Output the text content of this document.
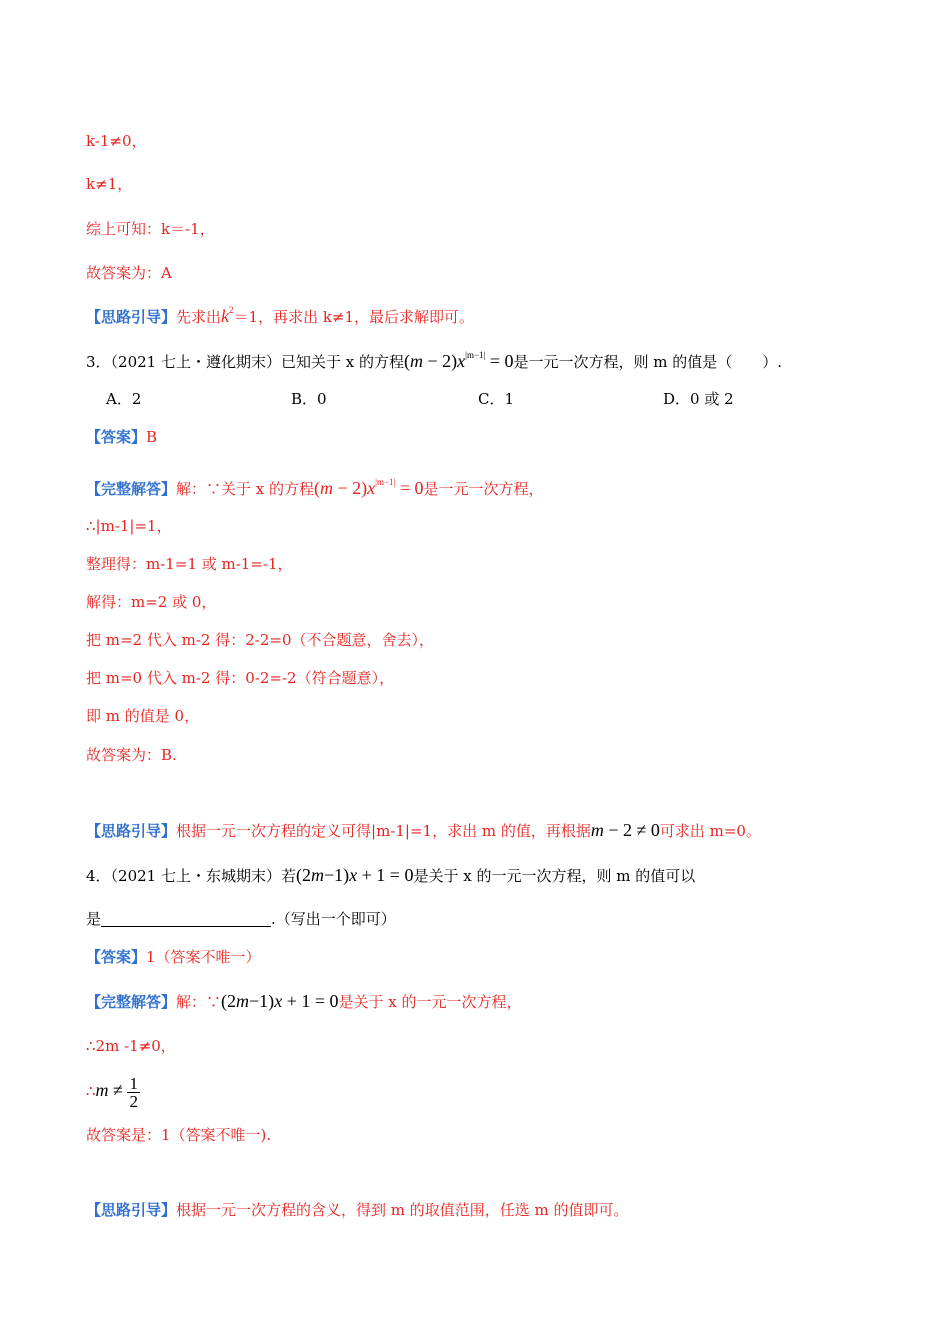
k-1≠0，
k≠1，
综上可知：k＝-1，
故答案为：A
【思路引导】先求出$k^2=1$，再求出 k≠1，最后求解即可。
3．（2021 七上・遵化期末）已知关于 x 的方程$(m - 2)x^{|m-1|} = 0$是一元一次方程，则 m 的值是（　　）.
A．2	B．0	C．1	D．0 或 2
【答案】B
【完整解答】解：∵关于 x 的方程$(m - 2)x^{|m-1|} = 0$是一元一次方程，
∴|m-1|=1，
整理得：m-1=1 或 m-1=-1，
解得：m=2 或 0，
把 m=2 代入 m-2 得：2-2=0（不合题意，舍去），
把 m=0 代入 m-2 得：0-2=-2（符合题意），
即 m 的值是 0，
故答案为：B.
【思路引导】根据一元一次方程的定义可得|m-1|=1，求出 m 的值，再根据m − 2 ≠ 0可求出 m=0。
4．（2021 七上・东城期末）若(2m−1)x + 1 = 0是关于 x 的一元一次方程，则 m 的值可以
是	.（写出一个即可）
【答案】1（答案不唯一）
【完整解答】解：∵(2m−1)x + 1 = 0是关于 x 的一元一次方程，
∴2m -1≠0，
∴m ≠ $\frac{1}{2}$
故答案是：1（答案不唯一).
【思路引导】根据一元一次方程的含义，得到 m 的取值范围，任选 m 的值即可。
